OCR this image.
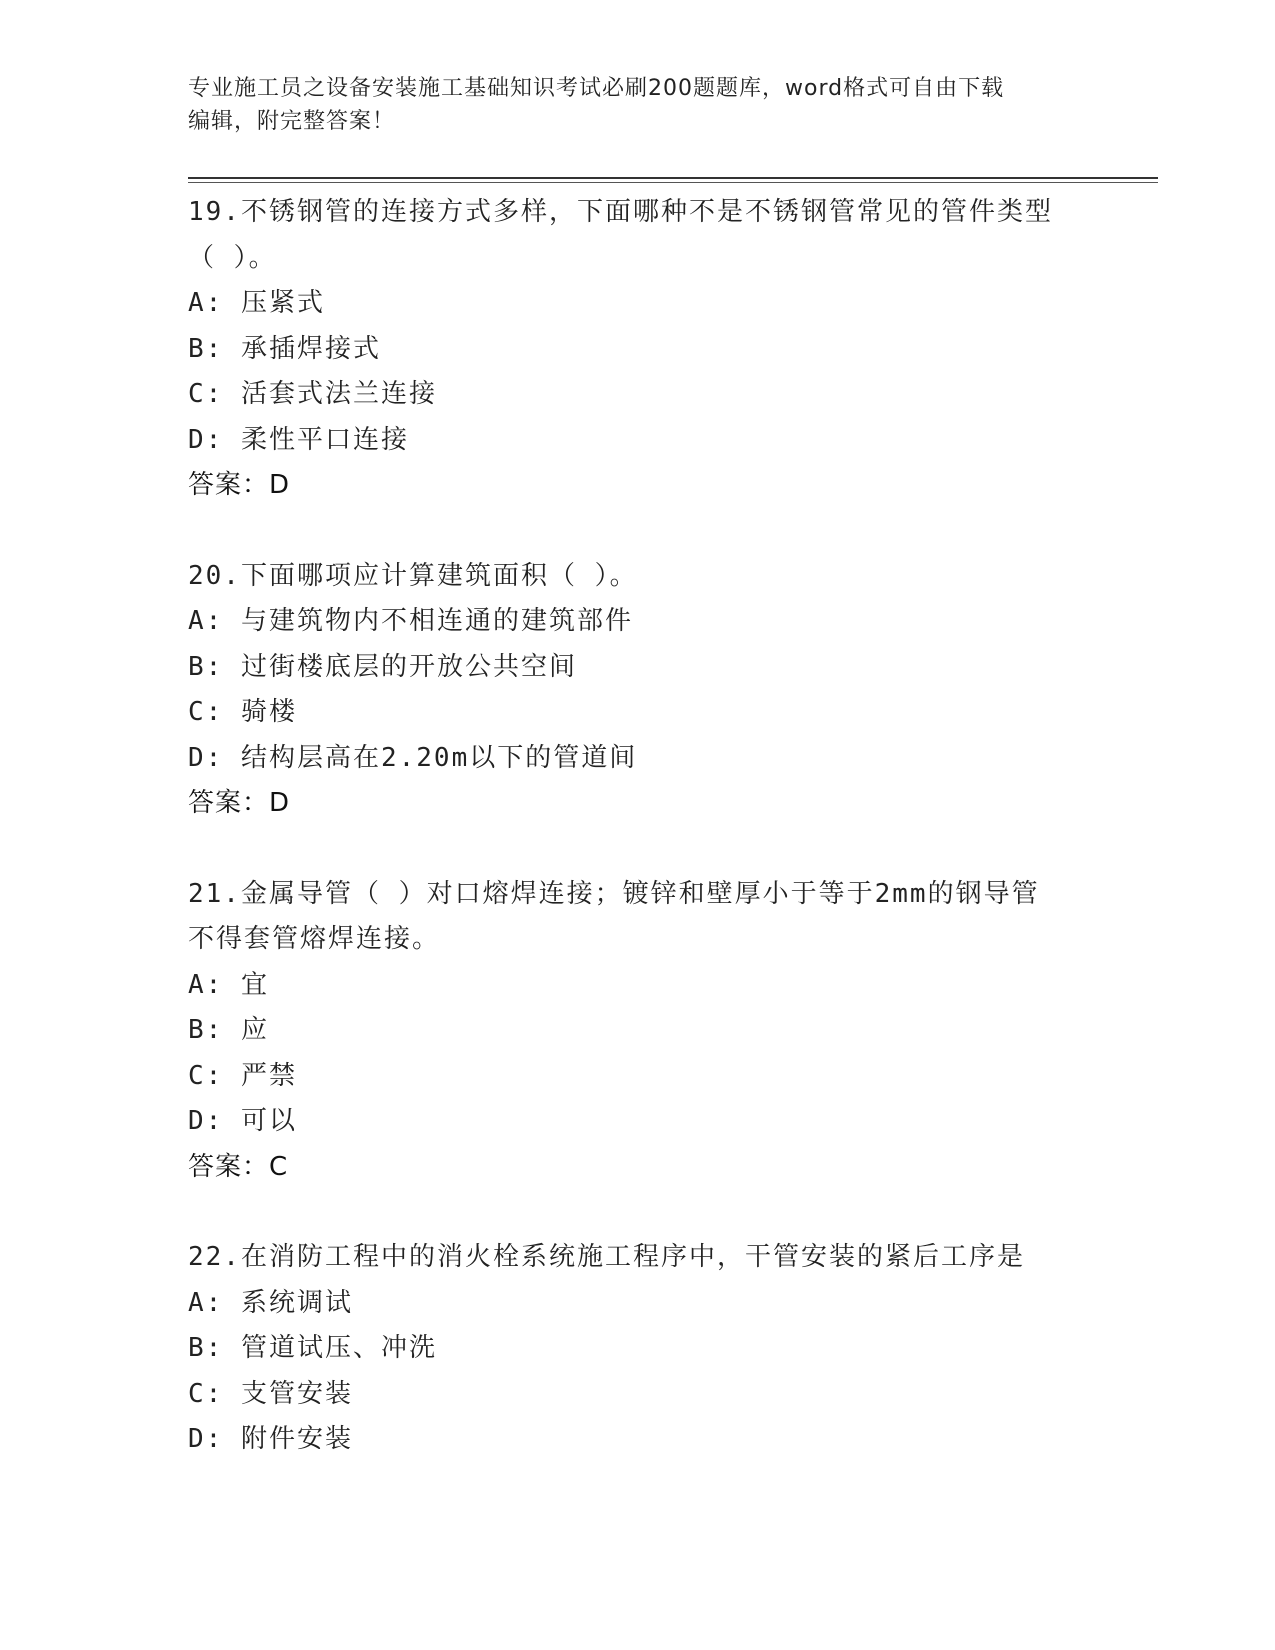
专业施工员之设备安装施工基础知识考试必刷200题题库，word格式可自由下载
编辑，附完整答案！

19.不锈钢管的连接方式多样，下面哪种不是不锈钢管常见的管件类型

（ ）。

A: 压紧式

B: 承插焊接式

C: 活套式法兰连接

D: 柔性平口连接

答案：D

20.下面哪项应计算建筑面积（ ）。

A: 与建筑物内不相连通的建筑部件

B: 过街楼底层的开放公共空间

C: 骑楼

D: 结构层高在2.20m以下的管道间

答案：D

21.金属导管（ ）对口熔焊连接；镀锌和壁厚小于等于2mm的钢导管

不得套管熔焊连接。

A: 宜

B: 应

C: 严禁

D: 可以

答案：C

22.在消防工程中的消火栓系统施工程序中，干管安装的紧后工序是

A: 系统调试

B: 管道试压、冲洗

C: 支管安装

D: 附件安装
